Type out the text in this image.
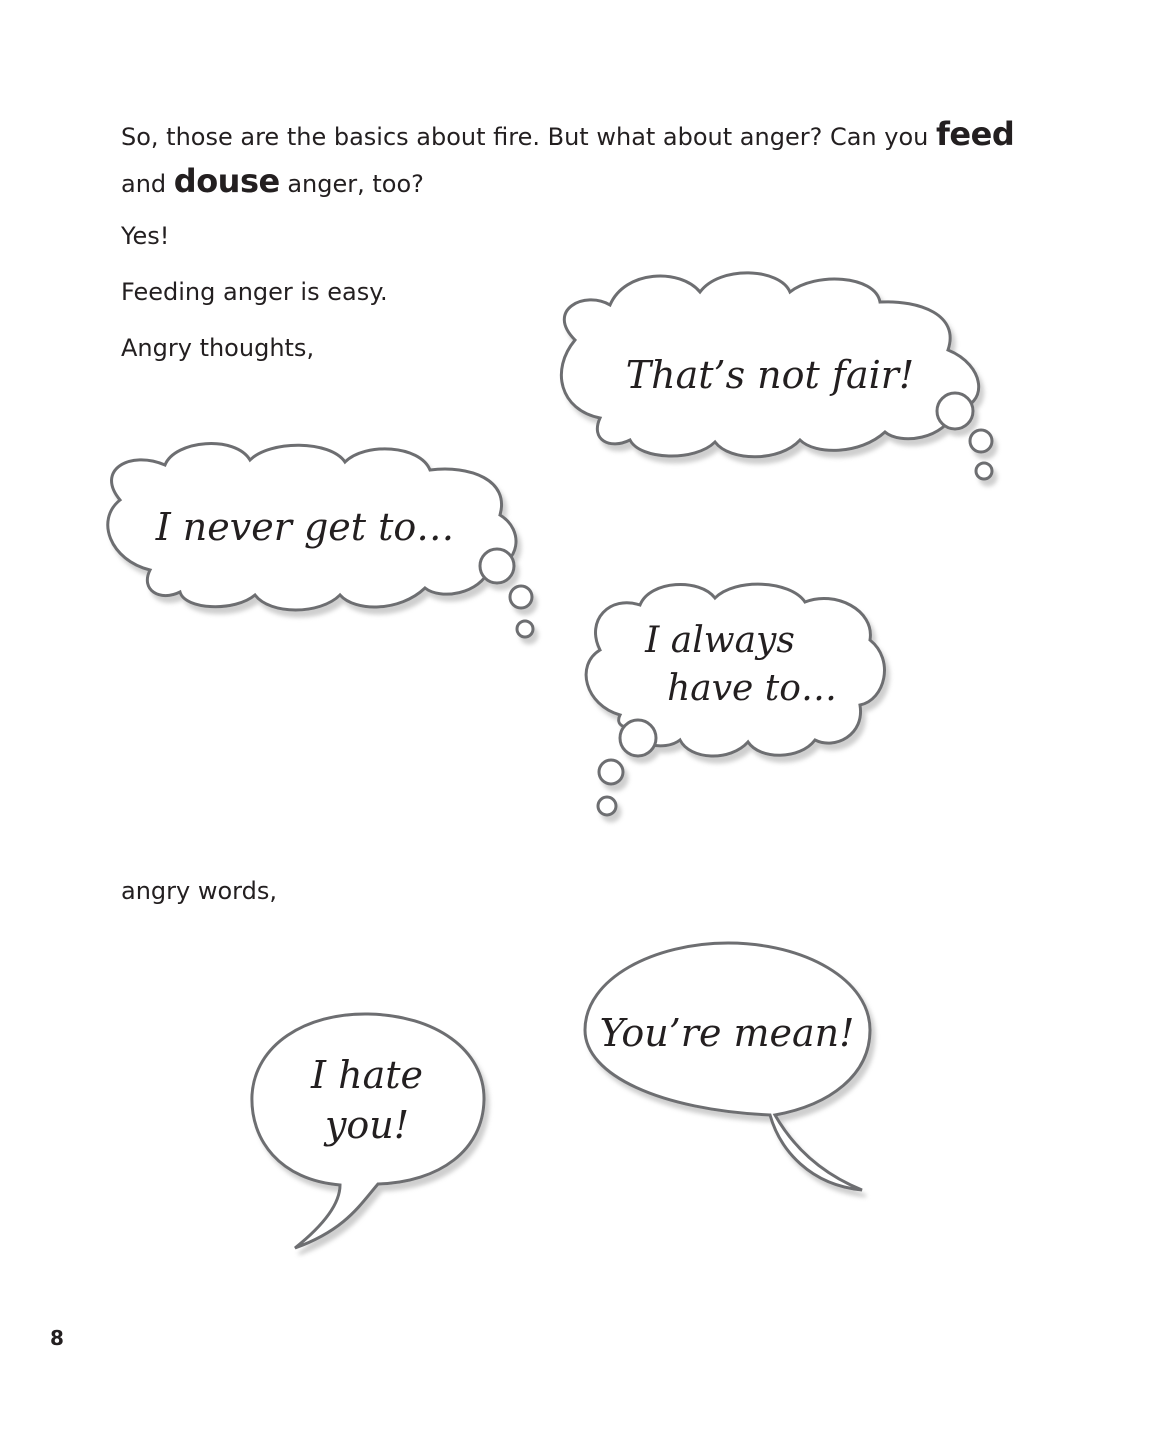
So, those are the basics about fire. But what about anger? Can you feed
and douse anger, too?

Yes!

Feeding anger is easy.

Angry thoughts,

angry words,

That’s not fair!
I never get to…
I always
have to…
I hate
you!
You’re mean!

8
